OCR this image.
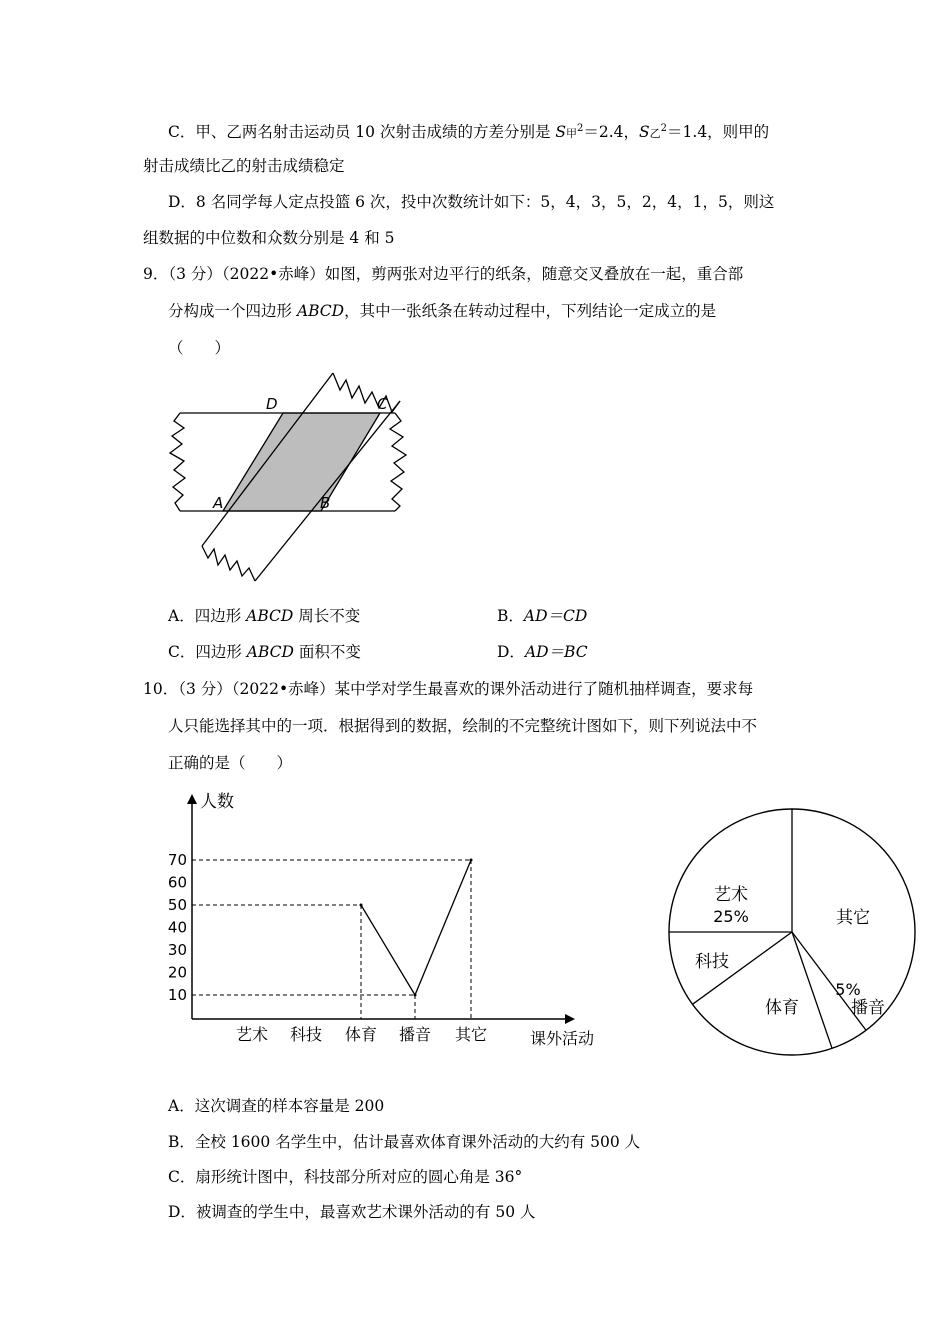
C．甲、乙两名射击运动员 10 次射击成绩的方差分别是 S甲$^2$＝2.4，S乙$^2$＝1.4，则甲的
射击成绩比乙的射击成绩稳定
D．8 名同学每人定点投篮 6 次，投中次数统计如下：5，4，3，5，2，4，1，5，则这
组数据的中位数和众数分别是 4 和 5
9．（3 分）（2022•赤峰）如图，剪两张对边平行的纸条，随意交叉叠放在一起，重合部
分构成一个四边形 ABCD，其中一张纸条在转动过程中，下列结论一定成立的是
（　　）
A	B
C
D
A．四边形 ABCD 周长不变	B．AD＝CD
C．四边形 ABCD 面积不变	D．AD＝BC
10．（3 分）（2022•赤峰）某中学对学生最喜欢的课外活动进行了随机抽样调查，要求每
人只能选择其中的一项．根据得到的数据，绘制的不完整统计图如下，则下列说法中不
正确的是（　　）
人数
课外活动
10
20
30
40
50
60
70
艺术 科技 体育 播音 其它
其它
播音
体育
科技
艺术
5%
25%
A．这次调查的样本容量是 200
B．全校 1600 名学生中，估计最喜欢体育课外活动的大约有 500 人
C．扇形统计图中，科技部分所对应的圆心角是 36°
D．被调查的学生中，最喜欢艺术课外活动的有 50 人
